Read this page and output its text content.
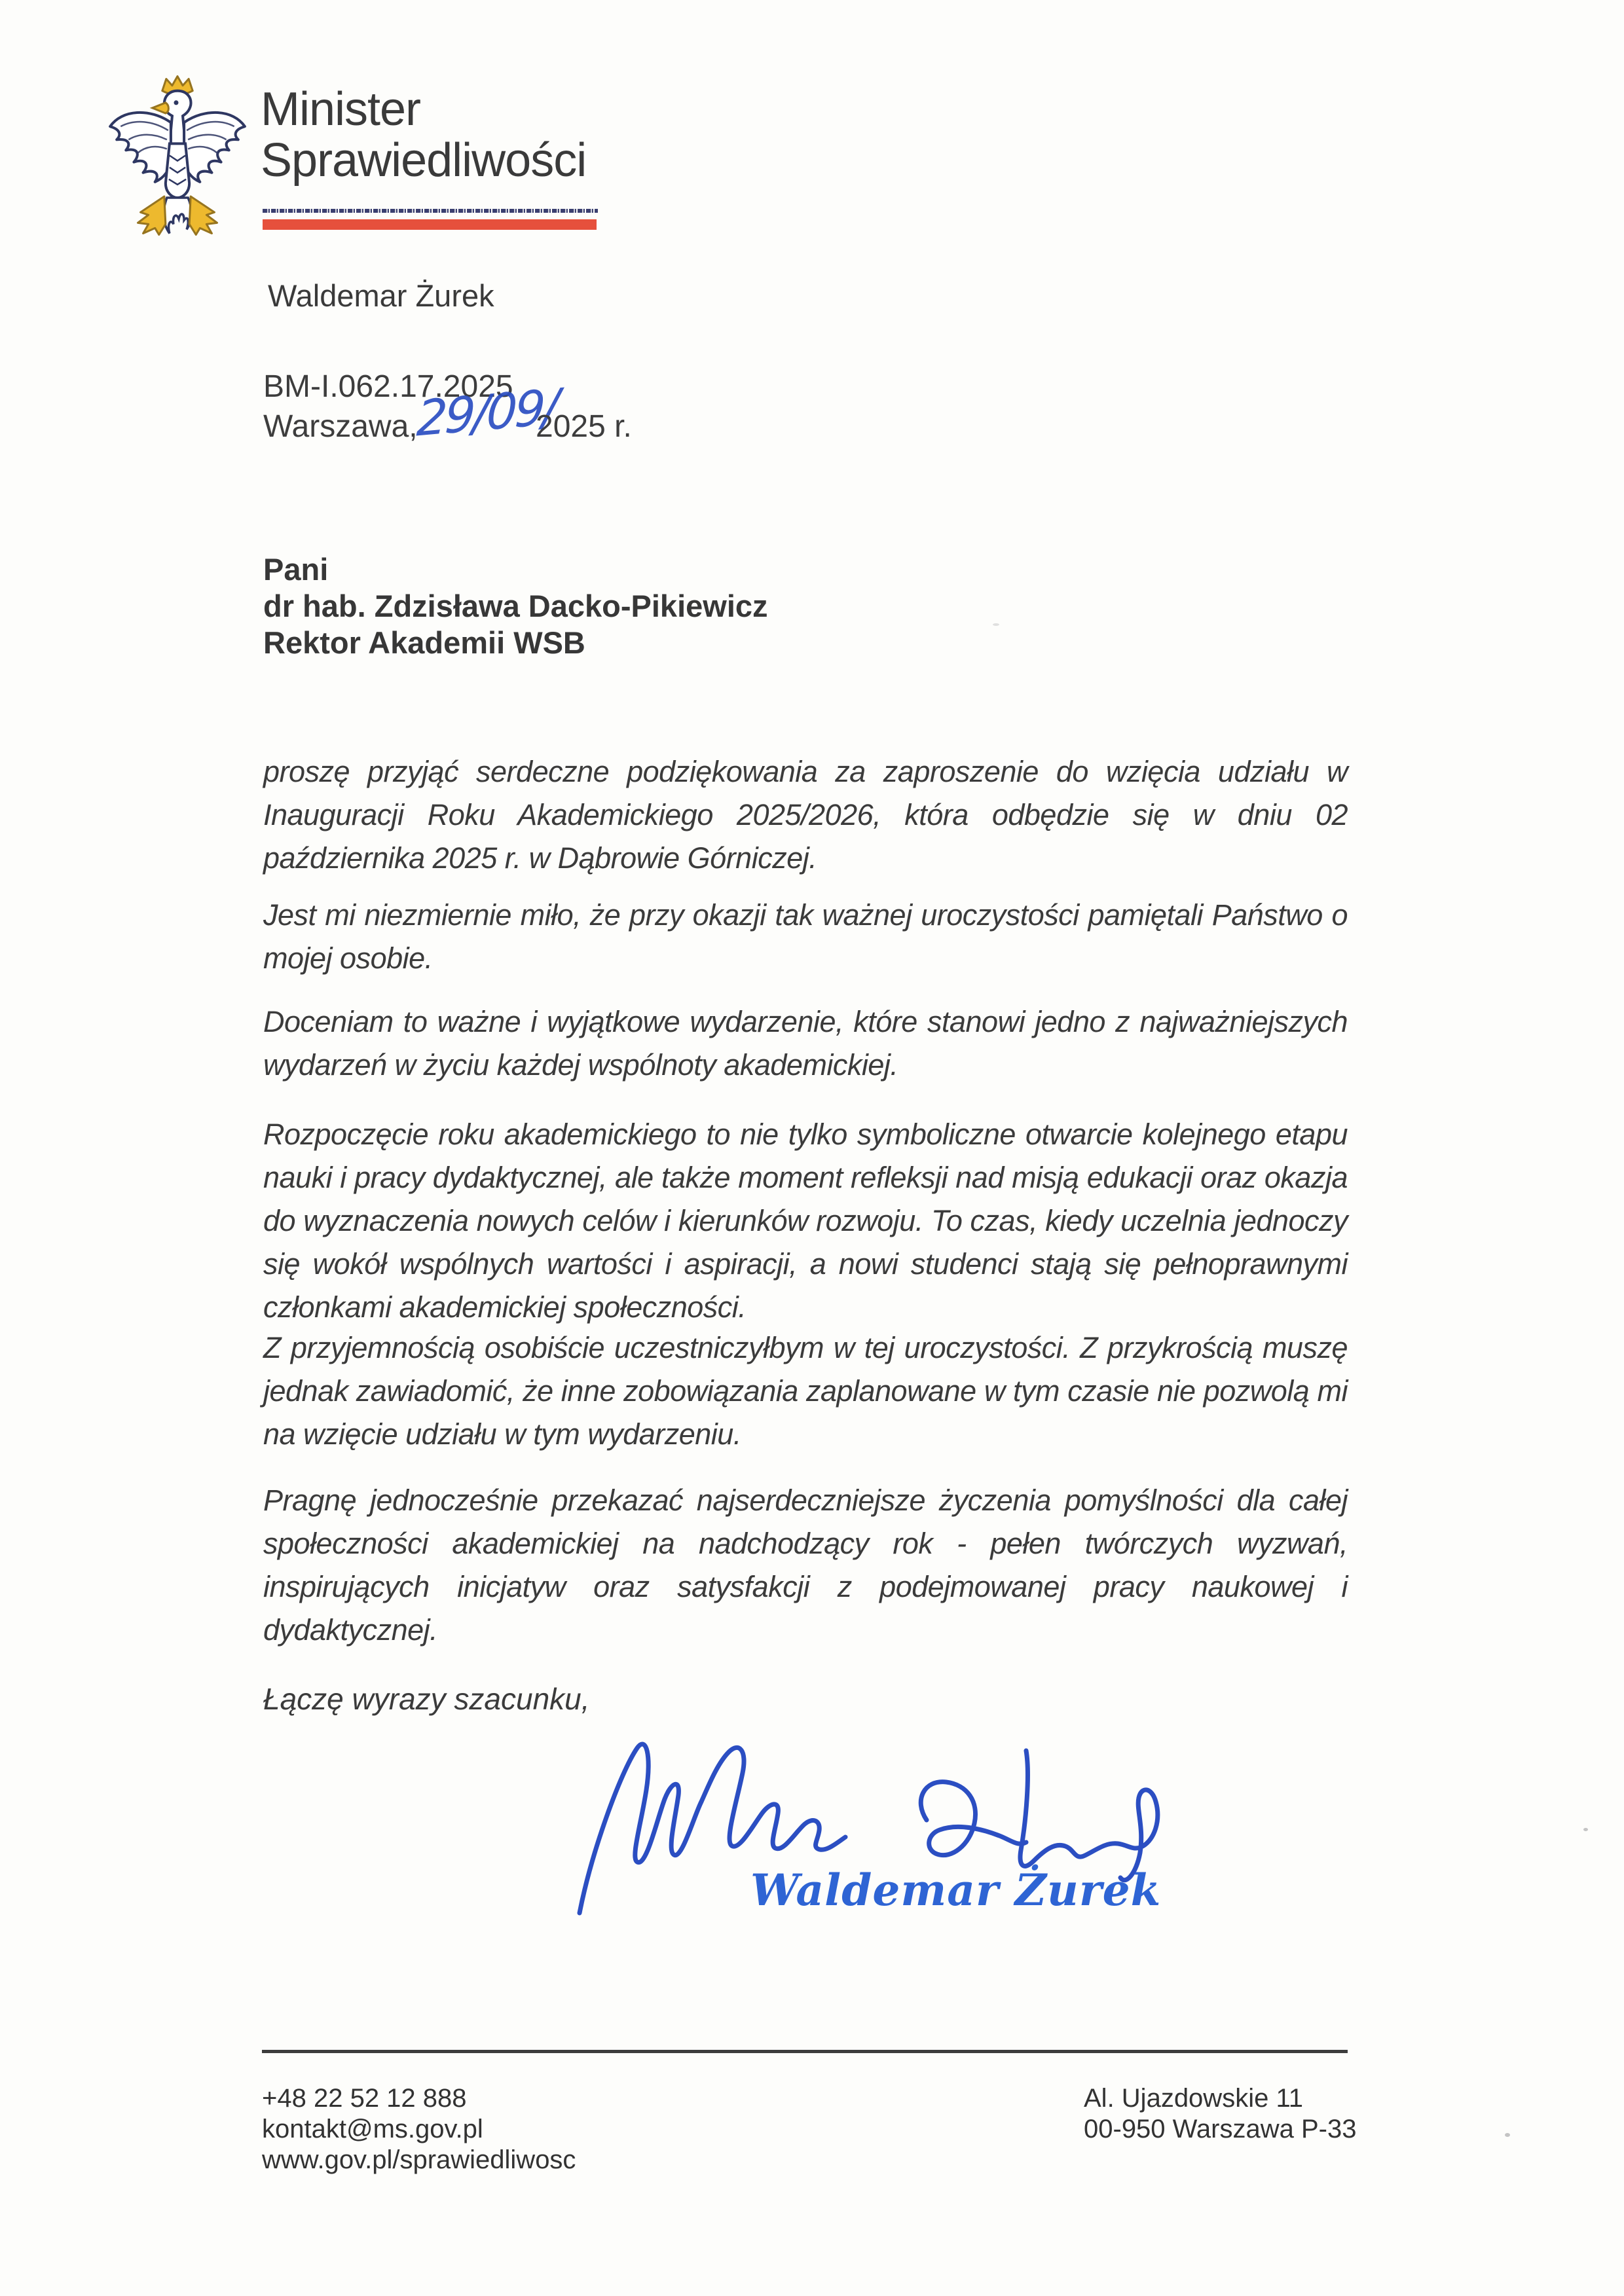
Minister
Sprawiedliwości
Waldemar Żurek
BM-I.062.17.2025
Warszawa,
29/09/
2025 r.
Pani
dr hab. Zdzisława Dacko-Pikiewicz
Rektor Akademii WSB

proszę przyjąć serdeczne podziękowania za zaproszenie do wzięcia udziału w Inauguracji Roku Akademickiego 2025/2026, która odbędzie się w dniu 02 października 2025 r. w Dąbrowie Górniczej.

Jest mi niezmiernie miło, że przy okazji tak ważnej uroczystości pamiętali Państwo o mojej osobie.

Doceniam to ważne i wyjątkowe wydarzenie, które stanowi jedno z najważniejszych wydarzeń w życiu każdej wspólnoty akademickiej.

Rozpoczęcie roku akademickiego to nie tylko symboliczne otwarcie kolejnego etapu nauki i pracy dydaktycznej, ale także moment refleksji nad misją edukacji oraz okazja do wyznaczenia nowych celów i kierunków rozwoju. To czas, kiedy uczelnia jednoczy się wokół wspólnych wartości i aspiracji, a nowi studenci stają się pełnoprawnymi członkami akademickiej społeczności.

Z przyjemnością osobiście uczestniczyłbym w tej uroczystości. Z przykrością muszę jednak zawiadomić, że inne zobowiązania zaplanowane w tym czasie nie pozwolą mi na wzięcie udziału w tym wydarzeniu.

Pragnę jednocześnie przekazać najserdeczniejsze życzenia pomyślności dla całej społeczności akademickiej na nadchodzący rok - pełen twórczych wyzwań, inspirujących inicjatyw oraz satysfakcji z podejmowanej pracy naukowej i dydaktycznej.

Łączę wyrazy szacunku,
Waldemar Żurek
+48 22 52 12 888
kontakt@ms.gov.pl
www.gov.pl/sprawiedliwosc
Al. Ujazdowskie 11
00-950 Warszawa P-33
